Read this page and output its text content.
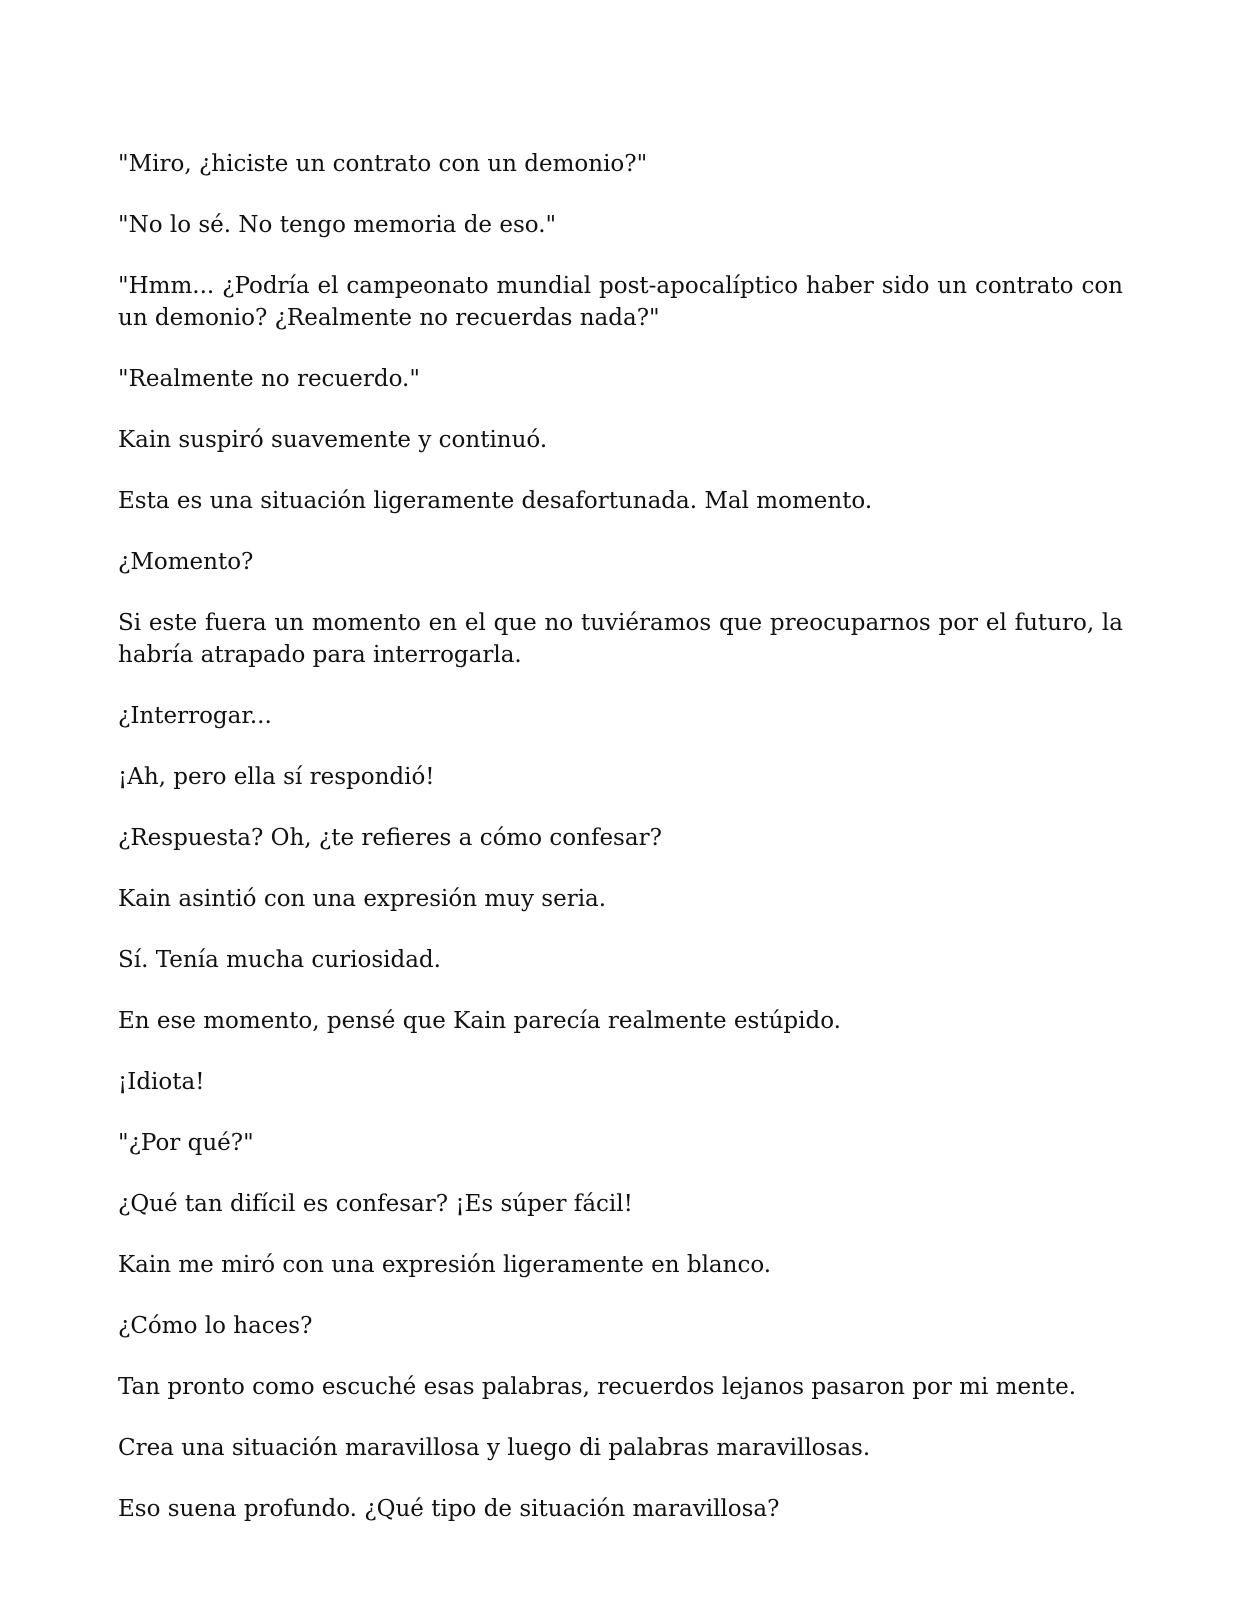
"Miro, ¿hiciste un contrato con un demonio?"

"No lo sé. No tengo memoria de eso."

"Hmm... ¿Podría el campeonato mundial post-apocalíptico haber sido un contrato con un demonio? ¿Realmente no recuerdas nada?"

"Realmente no recuerdo."

Kain suspiró suavemente y continuó.

Esta es una situación ligeramente desafortunada. Mal momento.

¿Momento?

Si este fuera un momento en el que no tuviéramos que preocuparnos por el futuro, la habría atrapado para interrogarla.

¿Interrogar...

¡Ah, pero ella sí respondió!

¿Respuesta? Oh, ¿te refieres a cómo confesar?

Kain asintió con una expresión muy seria.

Sí. Tenía mucha curiosidad.

En ese momento, pensé que Kain parecía realmente estúpido.

¡Idiota!

"¿Por qué?"

¿Qué tan difícil es confesar? ¡Es súper fácil!

Kain me miró con una expresión ligeramente en blanco.

¿Cómo lo haces?

Tan pronto como escuché esas palabras, recuerdos lejanos pasaron por mi mente.

Crea una situación maravillosa y luego di palabras maravillosas.

Eso suena profundo. ¿Qué tipo de situación maravillosa?
